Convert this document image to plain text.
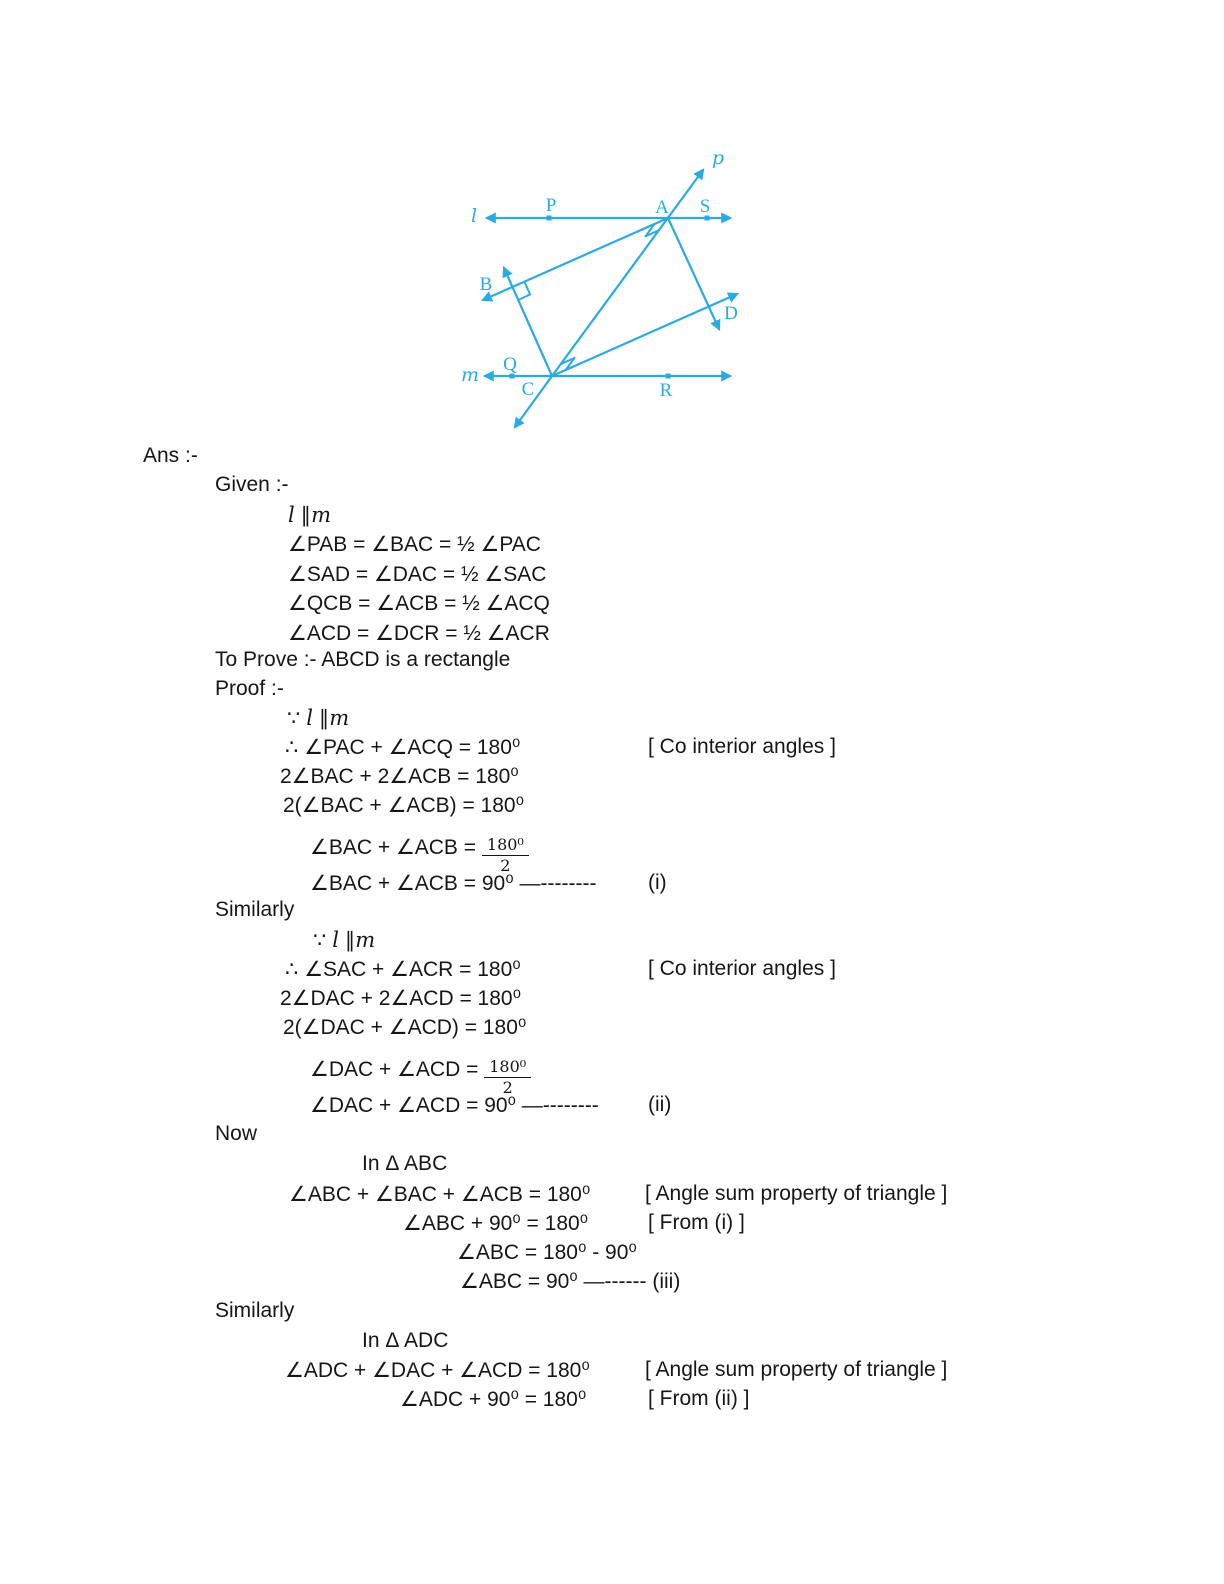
l	P	A S
p
B
D
Q
m
C	R
Ans :-
Given :-
l ∥m
∠PAB = ∠BAC = ½ ∠PAC
∠SAD = ∠DAC = ½ ∠SAC
∠QCB = ∠ACB = ½ ∠ACQ
∠ACD = ∠DCR = ½ ∠ACR
To Prove :- ABCD is a rectangle
Proof :-
∵ l ∥m
∴ ∠PAC + ∠ACQ = 180⁰	[ Co interior angles ]
2∠BAC + 2∠ACB = 180⁰
2(∠BAC + ∠ACB) = 180⁰
∠BAC + ∠ACB = $\frac{\text{180⁰}}{2}$
∠BAC + ∠ACB = 90⁰ —-------- (i)
Similarly
∵ l ∥m
∴ ∠SAC + ∠ACR = 180⁰	[ Co interior angles ]
2∠DAC + 2∠ACD = 180⁰
2(∠DAC + ∠ACD) = 180⁰
∠DAC + ∠ACD = $\frac{\text{180⁰}}{2}$
∠DAC + ∠ACD = 90⁰ —-------- (ii)
Now
In Δ ABC
∠ABC + ∠BAC + ∠ACB = 180⁰	[ Angle sum property of triangle ]
∠ABC + 90⁰ = 180⁰	[ From (i) ]
∠ABC = 180⁰ - 90⁰
∠ABC = 90⁰ —------ (iii)
Similarly
In Δ ADC
∠ADC + ∠DAC + ∠ACD = 180⁰	[ Angle sum property of triangle ]
∠ADC + 90⁰ = 180⁰	[ From (ii) ]
